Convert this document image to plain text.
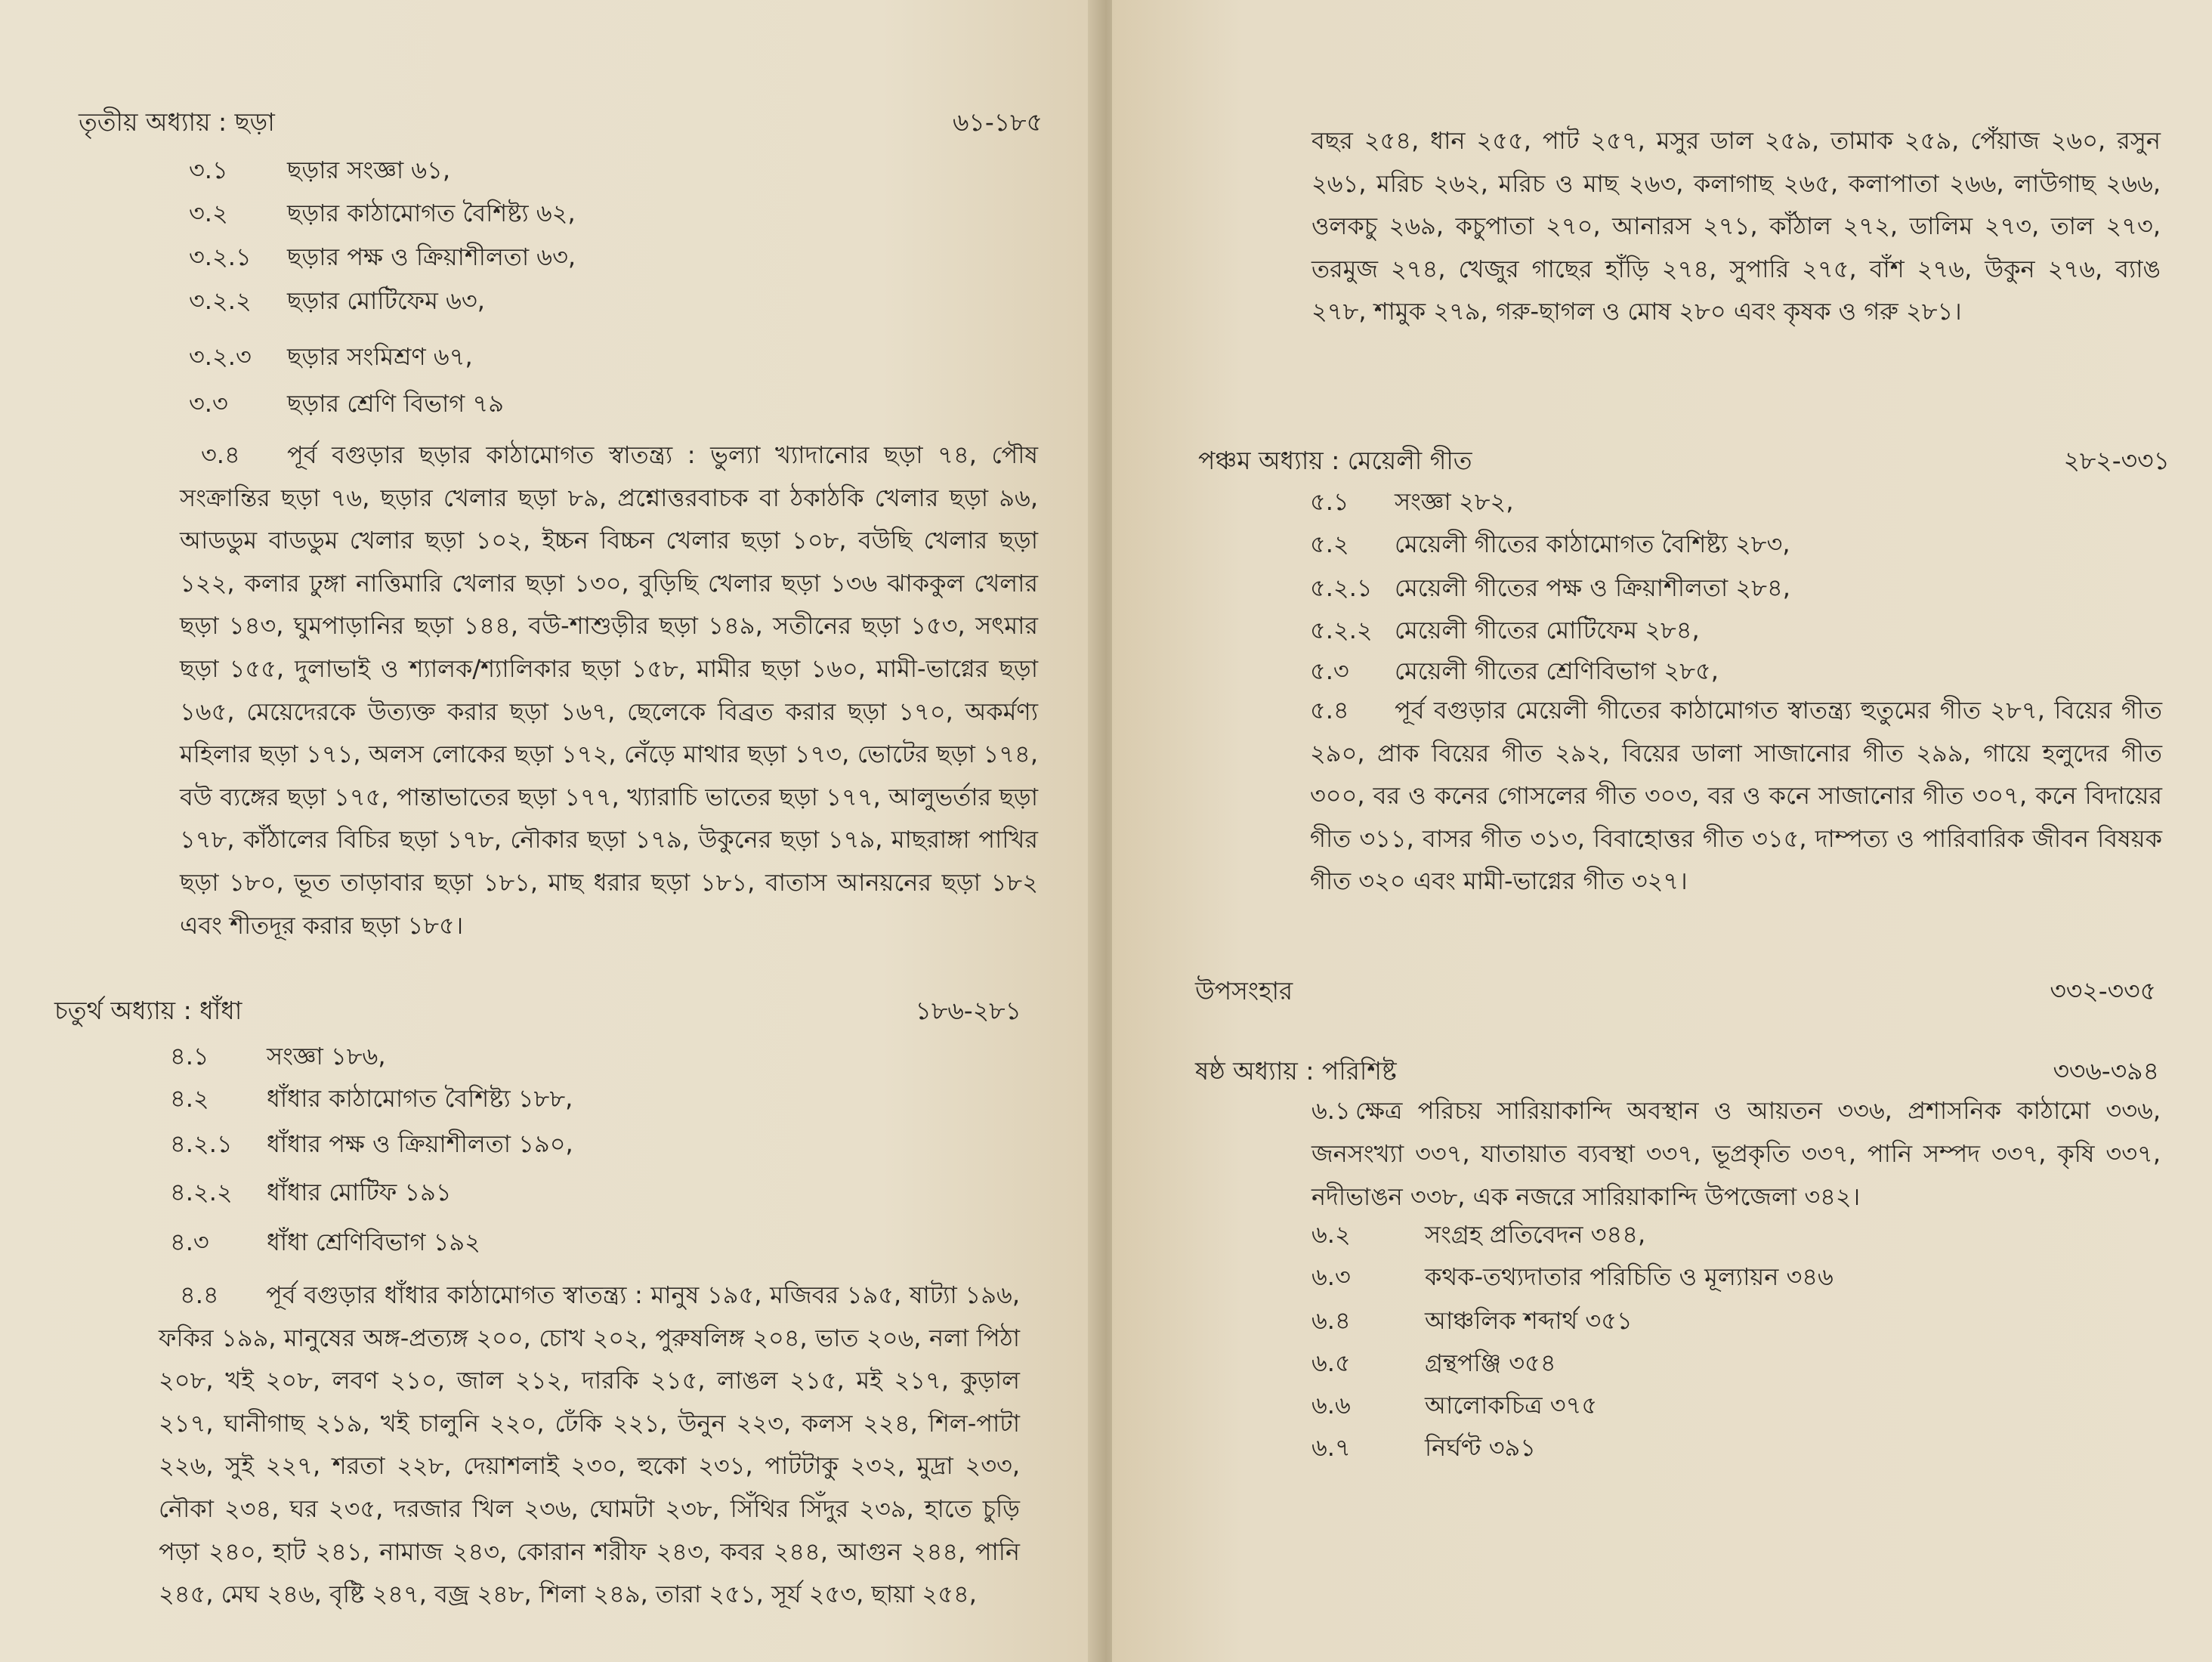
তৃতীয় অধ্যায় : ছড়া	৬১-১৮৫
৩.১ ছড়ার সংজ্ঞা ৬১,
৩.২ ছড়ার কাঠামোগত বৈশিষ্ট্য ৬২,
৩.২.১ ছড়ার পক্ষ ও ক্রিয়াশীলতা ৬৩,
৩.২.২ ছড়ার মোটিফেম ৬৩,
৩.২.৩ ছড়ার সংমিশ্রণ ৬৭,
৩.৩ ছড়ার শ্রেণি বিভাগ ৭৯
৩.৪ পূর্ব বগুড়ার ছড়ার কাঠামোগত স্বাতন্ত্র্য : ভুল্যা খ্যাদানোর ছড়া ৭৪, পৌষ সংক্রান্তির ছড়া ৭৬, ছড়ার খেলার ছড়া ৮৯, প্রশ্নোত্তরবাচক বা ঠকাঠকি খেলার ছড়া ৯৬, আডডুম বাডডুম খেলার ছড়া ১০২, ইচ্চন বিচ্চন খেলার ছড়া ১০৮, বউছি খেলার ছড়া ১২২, কলার ঢুঙ্গা নাত্তিমারি খেলার ছড়া ১৩০, বুড়িছি খেলার ছড়া ১৩৬ ঝাককুল খেলার ছড়া ১৪৩, ঘুমপাড়ানির ছড়া ১৪৪, বউ-শাশুড়ীর ছড়া ১৪৯, সতীনের ছড়া ১৫৩, সৎমার ছড়া ১৫৫, দুলাভাই ও শ্যালক/শ্যালিকার ছড়া ১৫৮, মামীর ছড়া ১৬০, মামী-ভাগ্নের ছড়া ১৬৫, মেয়েদেরকে উত্যক্ত করার ছড়া ১৬৭, ছেলেকে বিব্রত করার ছড়া ১৭০, অকর্মণ্য মহিলার ছড়া ১৭১, অলস লোকের ছড়া ১৭২, নেঁড়ে মাথার ছড়া ১৭৩, ভোটের ছড়া ১৭৪, বউ ব্যঙ্গের ছড়া ১৭৫, পান্তাভাতের ছড়া ১৭৭, খ্যারাচি ভাতের ছড়া ১৭৭, আলুভর্তার ছড়া ১৭৮, কাঁঠালের বিচির ছড়া ১৭৮, নৌকার ছড়া ১৭৯, উকুনের ছড়া ১৭৯, মাছরাঙ্গা পাখির ছড়া ১৮০, ভূত তাড়াবার ছড়া ১৮১, মাছ ধরার ছড়া ১৮১, বাতাস আনয়নের ছড়া ১৮২ এবং শীতদূর করার ছড়া ১৮৫।
চতুর্থ অধ্যায় : ধাঁধা	১৮৬-২৮১
৪.১ সংজ্ঞা ১৮৬,
৪.২ ধাঁধার কাঠামোগত বৈশিষ্ট্য ১৮৮,
৪.২.১ ধাঁধার পক্ষ ও ক্রিয়াশীলতা ১৯০,
৪.২.২ ধাঁধার মোটিফ ১৯১
৪.৩ ধাঁধা শ্রেণিবিভাগ ১৯২
৪.৪ পূর্ব বগুড়ার ধাঁধার কাঠামোগত স্বাতন্ত্র্য : মানুষ ১৯৫, মজিবর ১৯৫, ষাট্যা ১৯৬, ফকির ১৯৯, মানুষের অঙ্গ-প্রত্যঙ্গ ২০০, চোখ ২০২, পুরুষলিঙ্গ ২০৪, ভাত ২০৬, নলা পিঠা ২০৮, খই ২০৮, লবণ ২১০, জাল ২১২, দারকি ২১৫, লাঙল ২১৫, মই ২১৭, কুড়াল ২১৭, ঘানীগাছ ২১৯, খই চালুনি ২২০, ঢেঁকি ২২১, উনুন ২২৩, কলস ২২৪, শিল-পাটা ২২৬, সুই ২২৭, শরতা ২২৮, দেয়াশলাই ২৩০, হুকো ২৩১, পাটটাকু ২৩২, মুদ্রা ২৩৩, নৌকা ২৩৪, ঘর ২৩৫, দরজার খিল ২৩৬, ঘোমটা ২৩৮, সিঁথির সিঁদুর ২৩৯, হাতে চুড়ি পড়া ২৪০, হাট ২৪১, নামাজ ২৪৩, কোরান শরীফ ২৪৩, কবর ২৪৪, আগুন ২৪৪, পানি ২৪৫, মেঘ ২৪৬, বৃষ্টি ২৪৭, বজ্র ২৪৮, শিলা ২৪৯, তারা ২৫১, সূর্য ২৫৩, ছায়া ২৫৪,
বছর ২৫৪, ধান ২৫৫, পাট ২৫৭, মসুর ডাল ২৫৯, তামাক ২৫৯, পেঁয়াজ ২৬০, রসুন ২৬১, মরিচ ২৬২, মরিচ ও মাছ ২৬৩, কলাগাছ ২৬৫, কলাপাতা ২৬৬, লাউগাছ ২৬৬, ওলকচু ২৬৯, কচুপাতা ২৭০, আনারস ২৭১, কাঁঠাল ২৭২, ডালিম ২৭৩, তাল ২৭৩, তরমুজ ২৭৪, খেজুর গাছের হাঁড়ি ২৭৪, সুপারি ২৭৫, বাঁশ ২৭৬, উকুন ২৭৬, ব্যাঙ ২৭৮, শামুক ২৭৯, গরু-ছাগল ও মোষ ২৮০ এবং কৃষক ও গরু ২৮১।
পঞ্চম অধ্যায় : মেয়েলী গীত	২৮২-৩৩১
৫.১ সংজ্ঞা ২৮২,
৫.২ মেয়েলী গীতের কাঠামোগত বৈশিষ্ট্য ২৮৩,
৫.২.১ মেয়েলী গীতের পক্ষ ও ক্রিয়াশীলতা ২৮৪,
৫.২.২ মেয়েলী গীতের মোটিফেম ২৮৪,
৫.৩ মেয়েলী গীতের শ্রেণিবিভাগ ২৮৫,
৫.৪ পূর্ব বগুড়ার মেয়েলী গীতের কাঠামোগত স্বাতন্ত্র্য হুতুমের গীত ২৮৭, বিয়ের গীত ২৯০, প্রাক বিয়ের গীত ২৯২, বিয়ের ডালা সাজানোর গীত ২৯৯, গায়ে হলুদের গীত ৩০০, বর ও কনের গোসলের গীত ৩০৩, বর ও কনে সাজানোর গীত ৩০৭, কনে বিদায়ের গীত ৩১১, বাসর গীত ৩১৩, বিবাহোত্তর গীত ৩১৫, দাম্পত্য ও পারিবারিক জীবন বিষয়ক গীত ৩২০ এবং মামী-ভাগ্নের গীত ৩২৭।
উপসংহার	৩৩২-৩৩৫
ষষ্ঠ অধ্যায় : পরিশিষ্ট	৩৩৬-৩৯৪
৬.১ ক্ষেত্র পরিচয় সারিয়াকান্দি অবস্থান ও আয়তন ৩৩৬, প্রশাসনিক কাঠামো ৩৩৬, জনসংখ্যা ৩৩৭, যাতায়াত ব্যবস্থা ৩৩৭, ভূপ্রকৃতি ৩৩৭, পানি সম্পদ ৩৩৭, কৃষি ৩৩৭, নদীভাঙন ৩৩৮, এক নজরে সারিয়াকান্দি উপজেলা ৩৪২।
৬.২	সংগ্রহ প্রতিবেদন ৩৪৪,
৬.৩	কথক-তথ্যদাতার পরিচিতি ও মূল্যায়ন ৩৪৬
৬.৪	আঞ্চলিক শব্দার্থ ৩৫১
৬.৫	গ্রন্থপঞ্জি ৩৫৪
৬.৬	আলোকচিত্র ৩৭৫
৬.৭	নির্ঘণ্ট ৩৯১
